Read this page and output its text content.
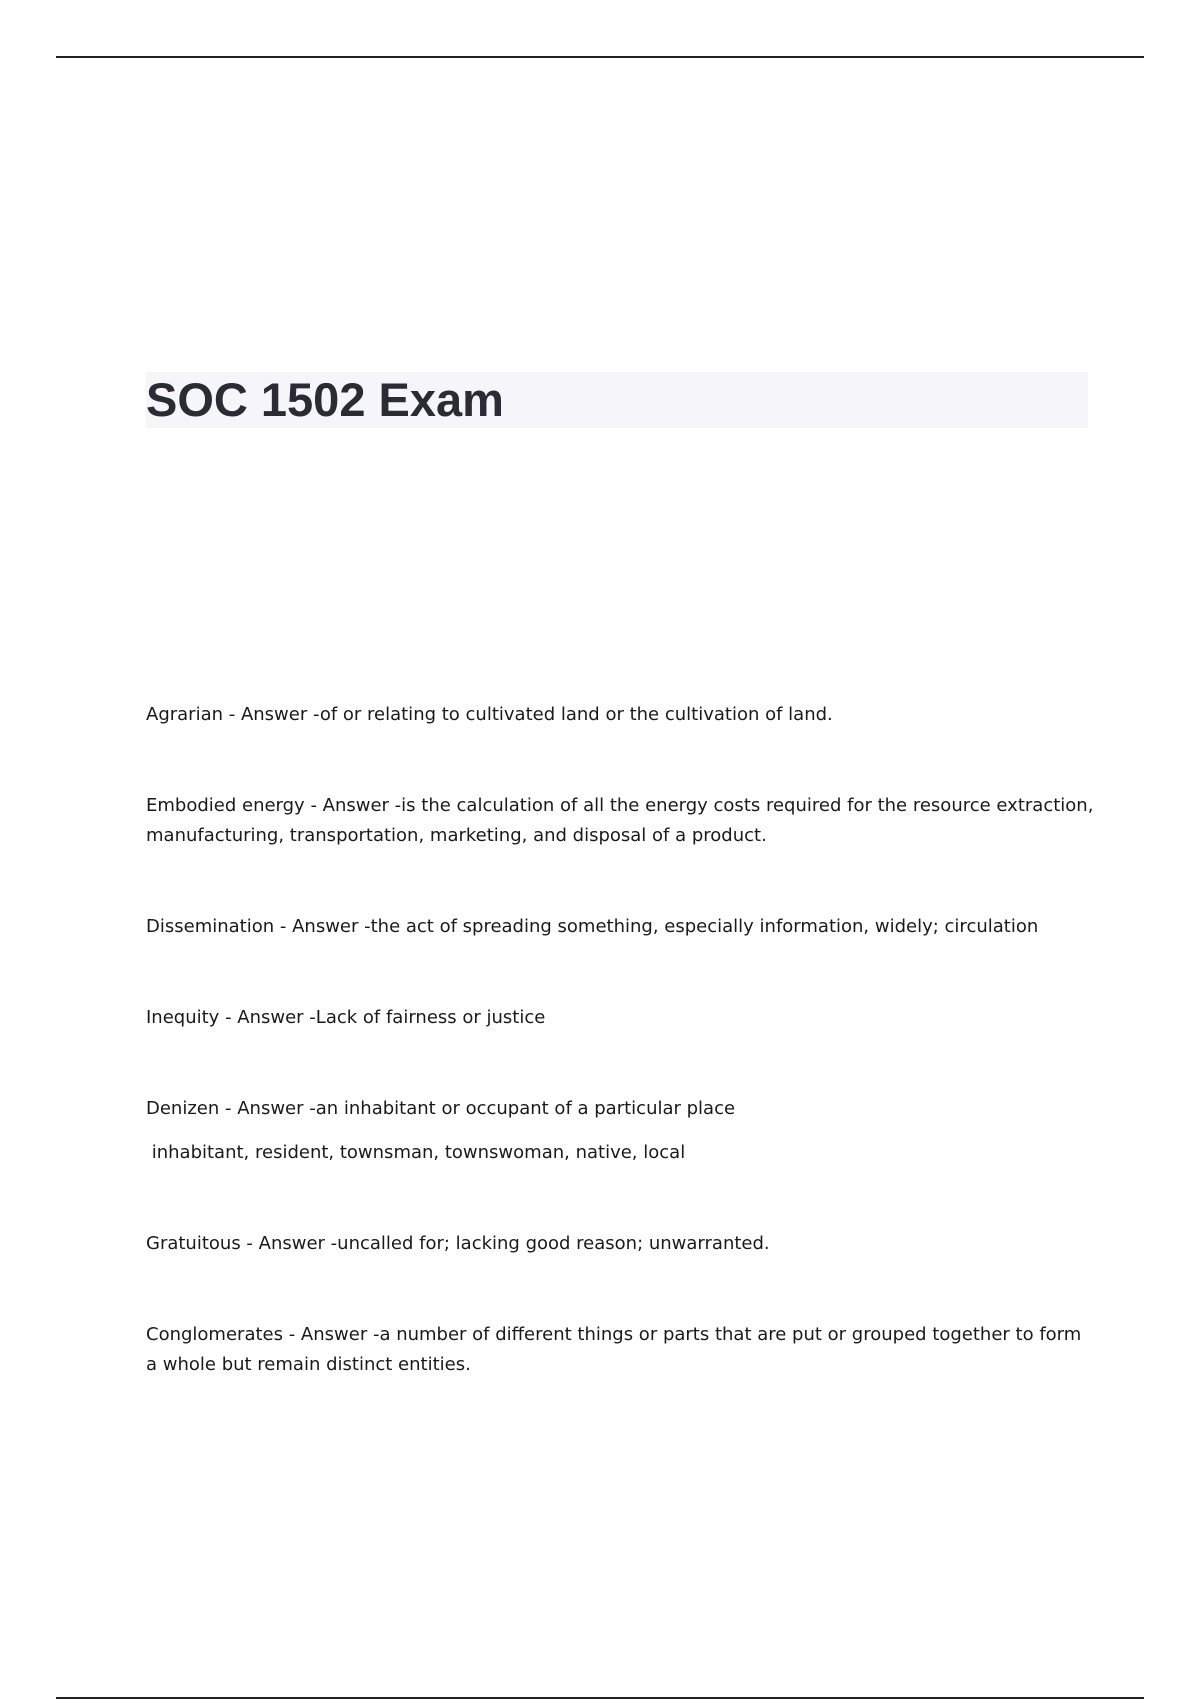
SOC 1502 Exam

Agrarian - Answer -of or relating to cultivated land or the cultivation of land.

Embodied energy - Answer -is the calculation of all the energy costs required for the resource extraction, manufacturing, transportation, marketing, and disposal of a product.

Dissemination - Answer -the act of spreading something, especially information, widely; circulation

Inequity - Answer -Lack of fairness or justice

Denizen - Answer -an inhabitant or occupant of a particular place

inhabitant, resident, townsman, townswoman, native, local

Gratuitous - Answer -uncalled for; lacking good reason; unwarranted.

Conglomerates - Answer -a number of different things or parts that are put or grouped together to form a whole but remain distinct entities.
